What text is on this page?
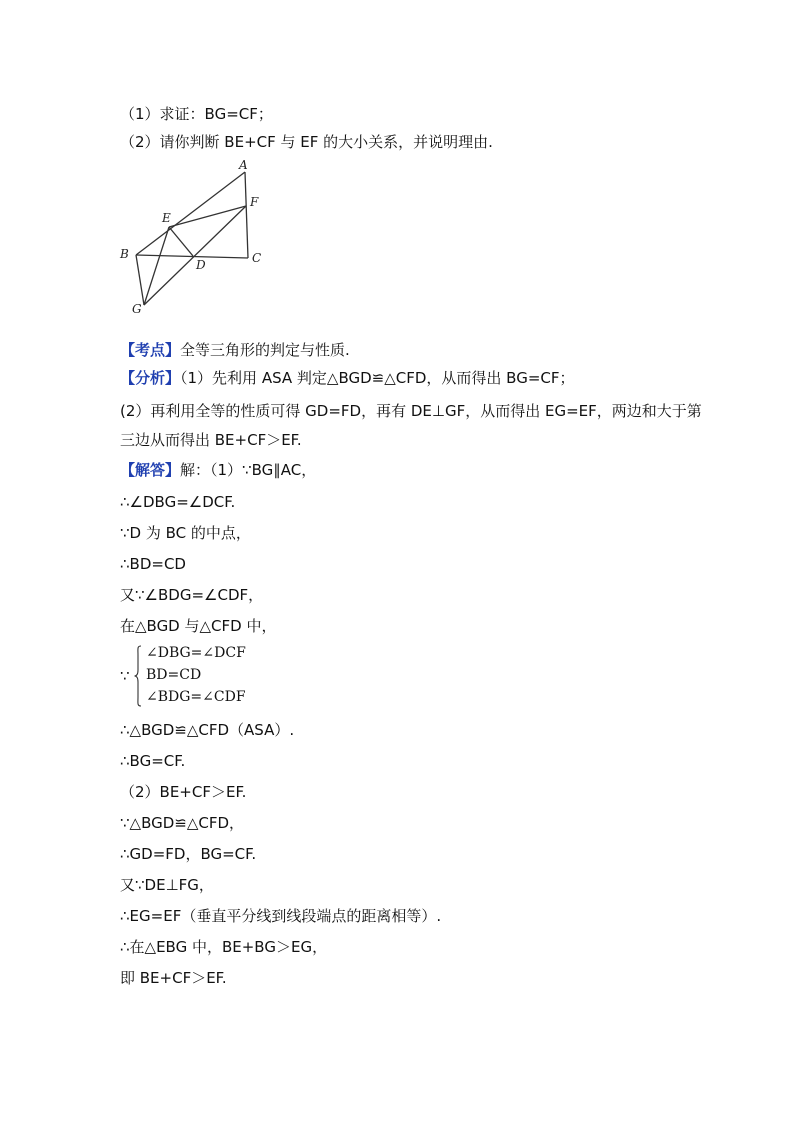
（1）求证：BG=CF；
（2）请你判断 BE+CF 与 EF 的大小关系，并说明理由.
A
E
F
B
D	C
G
【考点】全等三角形的判定与性质.
【分析】（1）先利用 ASA 判定△BGD≌△CFD，从而得出 BG=CF；
(2）再利用全等的性质可得 GD=FD，再有 DE⊥GF，从而得出 EG=EF，两边和大于第
三边从而得出 BE+CF＞EF.
【解答】解：（1）∵BG∥AC，
∴∠DBG=∠DCF.
∵D 为 BC 的中点，
∴BD=CD
又∵∠BDG=∠CDF，
在△BGD 与△CFD 中，
∵
∠DBG=∠DCF
BD=CD
∠BDG=∠CDF
∴△BGD≌△CFD（ASA）.
∴BG=CF.
（2）BE+CF＞EF.
∵△BGD≌△CFD，
∴GD=FD，BG=CF.
又∵DE⊥FG，
∴EG=EF（垂直平分线到线段端点的距离相等）.
∴在△EBG 中，BE+BG＞EG，
即 BE+CF＞EF.
